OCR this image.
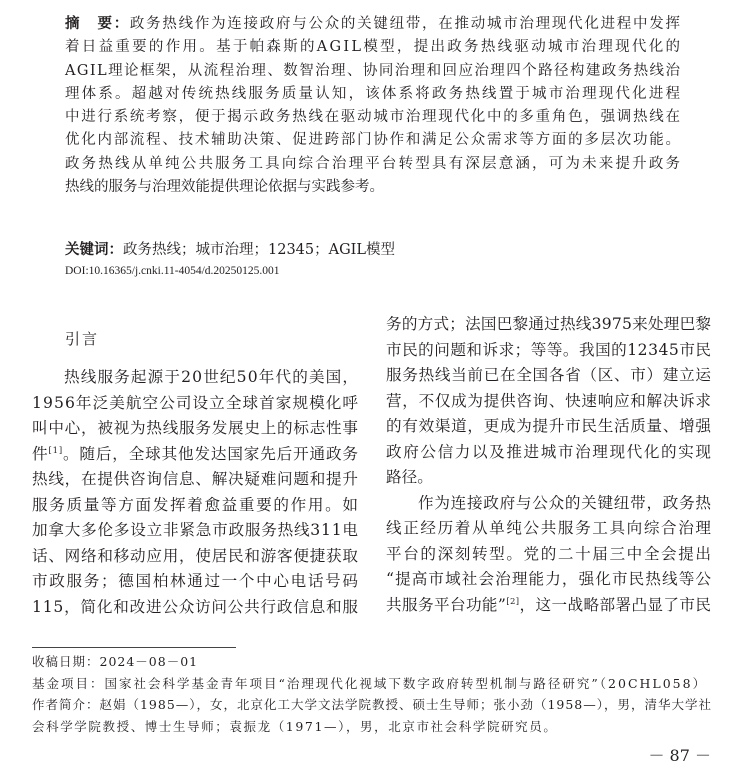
摘　要：政务热线作为连接政府与公众的关键纽带，在推动城市治理现代化进程中发挥
着日益重要的作用。基于帕森斯的AGIL模型，提出政务热线驱动城市治理现代化的
AGIL理论框架，从流程治理、数智治理、协同治理和回应治理四个路径构建政务热线治
理体系。超越对传统热线服务质量认知，该体系将政务热线置于城市治理现代化进程
中进行系统考察，便于揭示政务热线在驱动城市治理现代化中的多重角色，强调热线在
优化内部流程、技术辅助决策、促进跨部门协作和满足公众需求等方面的多层次功能。
政务热线从单纯公共服务工具向综合治理平台转型具有深层意涵，可为未来提升政务
热线的服务与治理效能提供理论依据与实践参考。
关键词：政务热线；城市治理；12345；AGIL模型
DOI:10.16365/j.cnki.11-4054/d.20250125.001
引言
热线服务起源于20世纪50年代的美国，
1956年泛美航空公司设立全球首家规模化呼
叫中心，被视为热线服务发展史上的标志性事
件[1]。随后，全球其他发达国家先后开通政务
热线，在提供咨询信息、解决疑难问题和提升
服务质量等方面发挥着愈益重要的作用。如
加拿大多伦多设立非紧急市政服务热线311电
话、网络和移动应用，使居民和游客便捷获取
市政服务；德国柏林通过一个中心电话号码
115，简化和改进公众访问公共行政信息和服
务的方式；法国巴黎通过热线3975来处理巴黎
市民的问题和诉求；等等。我国的12345市民
服务热线当前已在全国各省（区、市）建立运
营，不仅成为提供咨询、快速响应和解决诉求
的有效渠道，更成为提升市民生活质量、增强
政府公信力以及推进城市治理现代化的实现
路径。
作为连接政府与公众的关键纽带，政务热
线正经历着从单纯公共服务工具向综合治理
平台的深刻转型。党的二十届三中全会提出
“提高市域社会治理能力，强化市民热线等公
共服务平台功能”[2]，这一战略部署凸显了市民
收稿日期：2024－08－01
基金项目：国家社会科学基金青年项目“治理现代化视域下数字政府转型机制与路径研究”（20CHL058）
作者简介：赵娟（1985—），女，北京化工大学文法学院教授、硕士生导师；张小劲（1958—），男，清华大学社
会科学学院教授、博士生导师；袁振龙（1971—），男，北京市社会科学院研究员。
－ 87 －
